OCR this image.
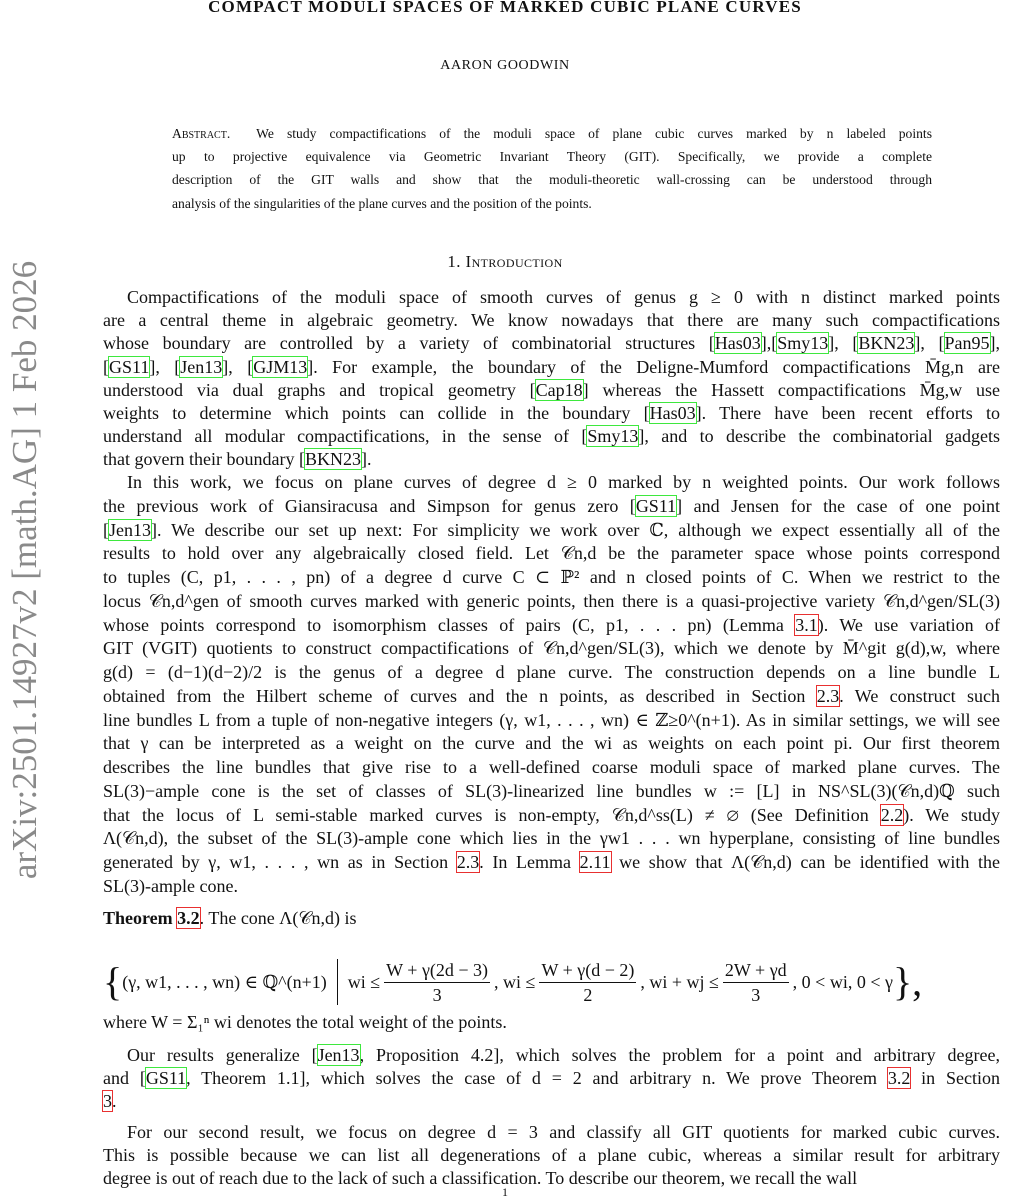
arXiv:2501.14927v2 [math.AG] 1 Feb 2026
COMPACT MODULI SPACES OF MARKED CUBIC PLANE CURVES
AARON GOODWIN
Abstract. We study compactifications of the moduli space of plane cubic curves marked by n labeled points
up to projective equivalence via Geometric Invariant Theory (GIT). Specifically, we provide a complete
description of the GIT walls and show that the moduli-theoretic wall-crossing can be understood through
analysis of the singularities of the plane curves and the position of the points.
1. Introduction
Compactifications of the moduli space of smooth curves of genus g ≥ 0 with n distinct marked points
are a central theme in algebraic geometry. We know nowadays that there are many such compactifications
whose boundary are controlled by a variety of combinatorial structures [Has03],[Smy13], [BKN23], [Pan95],
[GS11], [Jen13], [GJM13]. For example, the boundary of the Deligne-Mumford compactifications M̄g,n are
understood via dual graphs and tropical geometry [Cap18] whereas the Hassett compactifications M̄g,w use
weights to determine which points can collide in the boundary [Has03]. There have been recent efforts to
understand all modular compactifications, in the sense of [Smy13], and to describe the combinatorial gadgets
that govern their boundary [BKN23].
In this work, we focus on plane curves of degree d ≥ 0 marked by n weighted points. Our work follows
the previous work of Giansiracusa and Simpson for genus zero [GS11] and Jensen for the case of one point
[Jen13]. We describe our set up next: For simplicity we work over ℂ, although we expect essentially all of the
results to hold over any algebraically closed field. Let 𝒞n,d be the parameter space whose points correspond
to tuples (C, p1, . . . , pn) of a degree d curve C ⊂ ℙ² and n closed points of C. When we restrict to the
locus 𝒞n,d^gen of smooth curves marked with generic points, then there is a quasi-projective variety 𝒞n,d^gen/SL(3)
whose points correspond to isomorphism classes of pairs (C, p1, . . . pn) (Lemma 3.1). We use variation of
GIT (VGIT) quotients to construct compactifications of 𝒞n,d^gen/SL(3), which we denote by M̄^git g(d),w, where
g(d) = (d−1)(d−2)/2 is the genus of a degree d plane curve. The construction depends on a line bundle L
obtained from the Hilbert scheme of curves and the n points, as described in Section 2.3. We construct such
line bundles L from a tuple of non-negative integers (γ, w1, . . . , wn) ∈ ℤ≥0^(n+1). As in similar settings, we will see
that γ can be interpreted as a weight on the curve and the wi as weights on each point pi. Our first theorem
describes the line bundles that give rise to a well-defined coarse moduli space of marked plane curves. The
SL(3)−ample cone is the set of classes of SL(3)-linearized line bundles w := [L] in NS^SL(3)(𝒞n,d)ℚ such
that the locus of L semi-stable marked curves is non-empty, 𝒞n,d^ss(L) ≠ ∅ (See Definition 2.2). We study
Λ(𝒞n,d), the subset of the SL(3)-ample cone which lies in the γw1 . . . wn hyperplane, consisting of line bundles
generated by γ, w1, . . . , wn as in Section 2.3. In Lemma 2.11 we show that Λ(𝒞n,d) can be identified with the
SL(3)-ample cone.
Theorem 3.2. The cone Λ(𝒞n,d) is
{ (γ, w1, . . . , wn) ∈ ℚ^(n+1) wi ≤ $\frac{W + \gamma(2d - 3)}{3}$ , wi ≤ $\frac{W + \gamma(d - 2)}{2}$ , wi + wj ≤ $\frac{2W + \gamma d}{3}$ , 0 < wi, 0 < γ },
where W = Σ₁ⁿ wi denotes the total weight of the points.
Our results generalize [Jen13, Proposition 4.2], which solves the problem for a point and arbitrary degree,
and [GS11, Theorem 1.1], which solves the case of d = 2 and arbitrary n. We prove Theorem 3.2 in Section
3.
For our second result, we focus on degree d = 3 and classify all GIT quotients for marked cubic curves.
This is possible because we can list all degenerations of a plane cubic, whereas a similar result for arbitrary
degree is out of reach due to the lack of such a classification. To describe our theorem, we recall the wall
1
